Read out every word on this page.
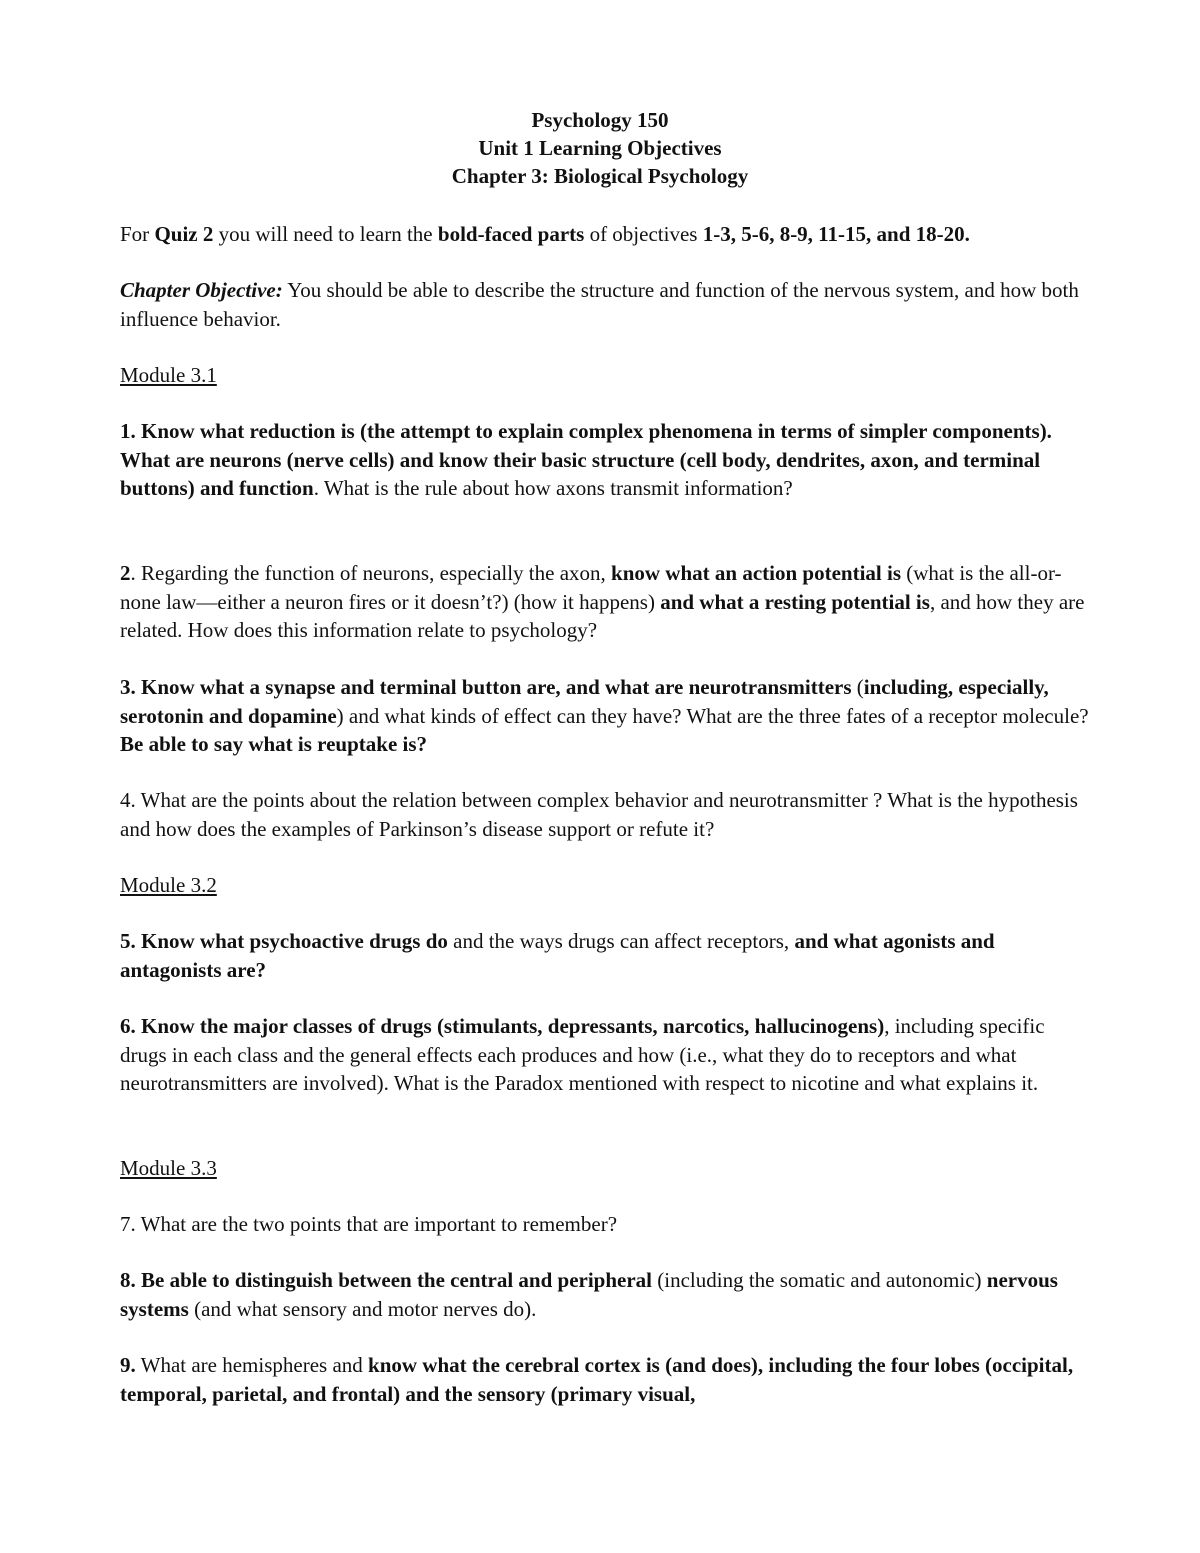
Psychology 150
Unit 1 Learning Objectives
Chapter 3: Biological Psychology
For Quiz 2 you will need to learn the bold-faced parts of objectives 1-3, 5-6, 8-9, 11-15, and 18-20.
Chapter Objective: You should be able to describe the structure and function of the nervous system, and how both influence behavior.
Module 3.1
1. Know what reduction is (the attempt to explain complex phenomena in terms of simpler components). What are neurons (nerve cells) and know their basic structure (cell body, dendrites, axon, and terminal buttons) and function. What is the rule about how axons transmit information?
2. Regarding the function of neurons, especially the axon, know what an action potential is (what is the all-or-none law—either a neuron fires or it doesn’t?) (how it happens) and what a resting potential is, and how they are related. How does this information relate to psychology?
3. Know what a synapse and terminal button are, and what are neurotransmitters (including, especially, serotonin and dopamine) and what kinds of effect can they have? What are the three fates of a receptor molecule? Be able to say what is reuptake is?
4. What are the points about the relation between complex behavior and neurotransmitter ? What is the hypothesis and how does the examples of Parkinson’s disease support or refute it?
Module 3.2
5. Know what psychoactive drugs do and the ways drugs can affect receptors, and what agonists and antagonists are?
6. Know the major classes of drugs (stimulants, depressants, narcotics, hallucinogens), including specific drugs in each class and the general effects each produces and how (i.e., what they do to receptors and what neurotransmitters are involved). What is the Paradox mentioned with respect to nicotine and what explains it.
Module 3.3
7. What are the two points that are important to remember?
8. Be able to distinguish between the central and peripheral (including the somatic and autonomic) nervous systems (and what sensory and motor nerves do).
9. What are hemispheres and know what the cerebral cortex is (and does), including the four lobes (occipital, temporal, parietal, and frontal) and the sensory (primary visual,
